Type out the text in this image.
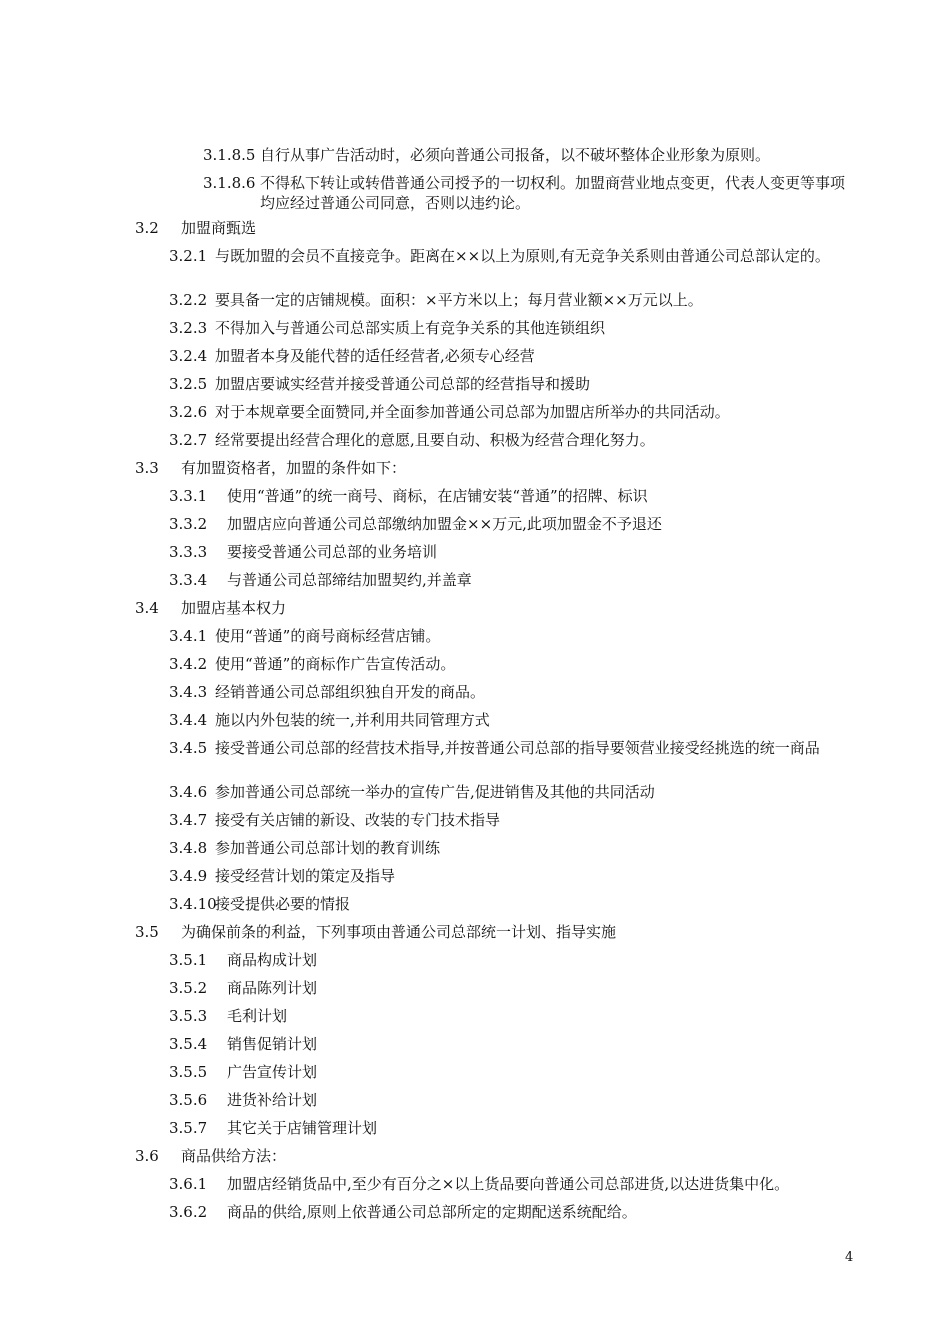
3.1.8.5 自行从事广告活动时，必须向普通公司报备，以不破坏整体企业形象为原则。
3.1.8.6 不得私下转让或转借普通公司授予的一切权利。加盟商营业地点变更，代表人变更等事项均应经过普通公司同意，否则以违约论。
3.2 加盟商甄选
3.2.1 与既加盟的会员不直接竞争。距离在××以上为原则,有无竞争关系则由普通公司总部认定的。
3.2.2 要具备一定的店铺规模。面积：×平方米以上；每月营业额××万元以上。
3.2.3 不得加入与普通公司总部实质上有竞争关系的其他连锁组织
3.2.4 加盟者本身及能代替的适任经营者,必须专心经营
3.2.5 加盟店要诚实经营并接受普通公司总部的经营指导和援助
3.2.6 对于本规章要全面赞同,并全面参加普通公司总部为加盟店所举办的共同活动。
3.2.7 经常要提出经营合理化的意愿,且要自动、积极为经营合理化努力。
3.3 有加盟资格者，加盟的条件如下：
3.3.1 使用“普通”的统一商号、商标，在店铺安装“普通”的招牌、标识
3.3.2 加盟店应向普通公司总部缴纳加盟金××万元,此项加盟金不予退还
3.3.3 要接受普通公司总部的业务培训
3.3.4 与普通公司总部缔结加盟契约,并盖章
3.4 加盟店基本权力
3.4.1 使用“普通”的商号商标经营店铺。
3.4.2 使用“普通”的商标作广告宣传活动。
3.4.3 经销普通公司总部组织独自开发的商品。
3.4.4 施以内外包装的统一,并利用共同管理方式
3.4.5 接受普通公司总部的经营技术指导,并按普通公司总部的指导要领营业接受经挑选的统一商品
3.4.6 参加普通公司总部统一举办的宣传广告,促进销售及其他的共同活动
3.4.7 接受有关店铺的新设、改装的专门技术指导
3.4.8 参加普通公司总部计划的教育训练
3.4.9 接受经营计划的策定及指导
3.4.10
接受提供必要的情报
3.5 为确保前条的利益，下列事项由普通公司总部统一计划、指导实施
3.5.1 商品构成计划
3.5.2 商品陈列计划
3.5.3 毛利计划
3.5.4 销售促销计划
3.5.5 广告宣传计划
3.5.6 进货补给计划
3.5.7 其它关于店铺管理计划
3.6 商品供给方法：
3.6.1 加盟店经销货品中,至少有百分之×以上货品要向普通公司总部进货,以达进货集中化。
3.6.2 商品的供给,原则上依普通公司总部所定的定期配送系统配给。
4
